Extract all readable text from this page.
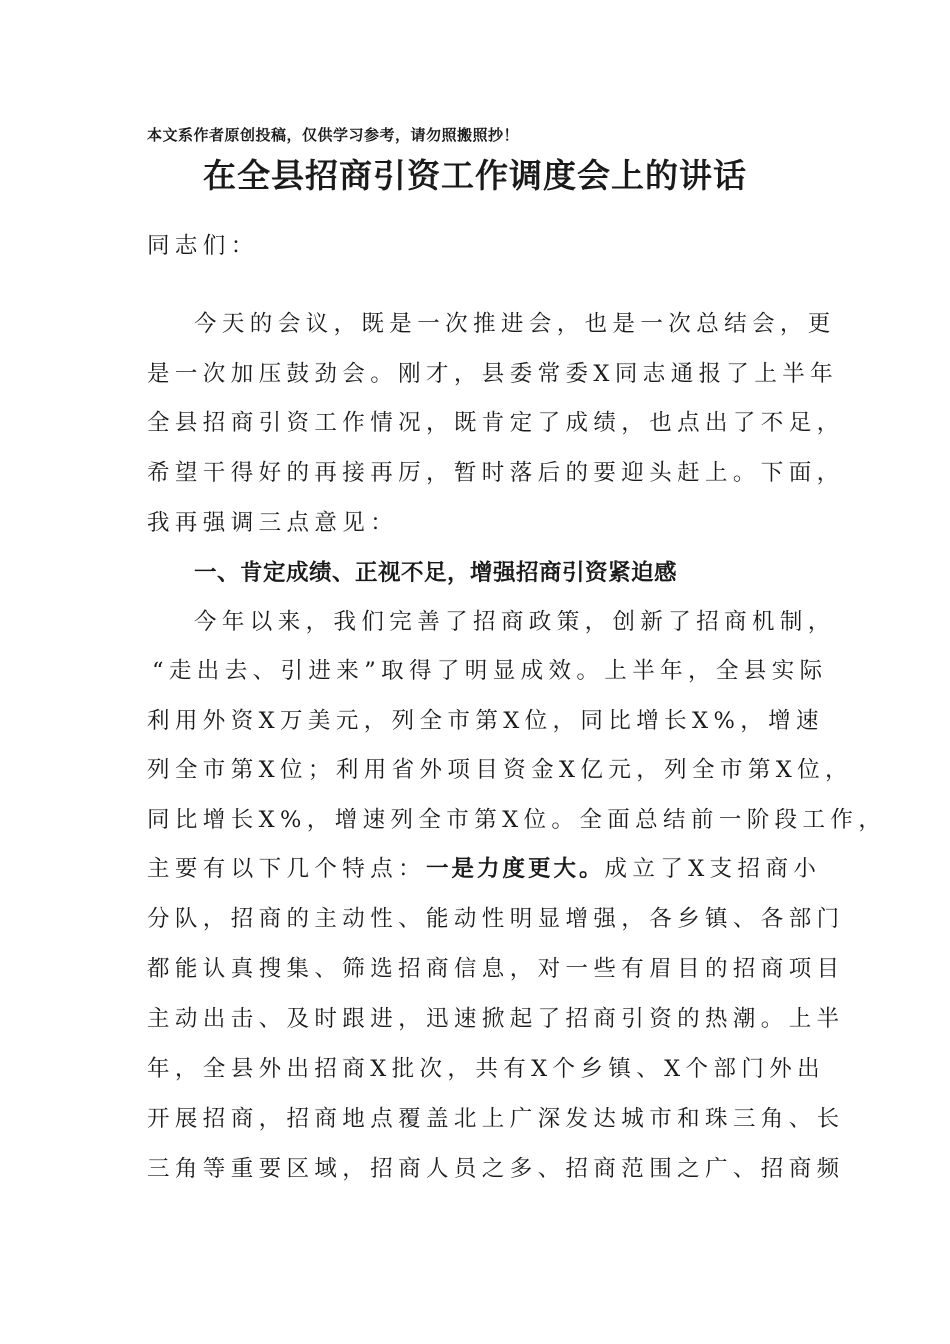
本文系作者原创投稿，仅供学习参考，请勿照搬照抄！
在全县招商引资工作调度会上的讲话
同志们：
今天的会议，既是一次推进会，也是一次总结会，更
是一次加压鼓劲会。刚才，县委常委X同志通报了上半年
全县招商引资工作情况，既肯定了成绩，也点出了不足，
希望干得好的再接再厉，暂时落后的要迎头赶上。下面，
我再强调三点意见：
一、肯定成绩、正视不足，增强招商引资紧迫感
今年以来，我们完善了招商政策，创新了招商机制，
“走出去、引进来”取得了明显成效。上半年，全县实际
利用外资X万美元，列全市第X位，同比增长X%，增速
列全市第X位；利用省外项目资金X亿元，列全市第X位，
同比增长X%，增速列全市第X位。全面总结前一阶段工作，
主要有以下几个特点：一是力度更大。成立了X支招商小
分队，招商的主动性、能动性明显增强，各乡镇、各部门
都能认真搜集、筛选招商信息，对一些有眉目的招商项目
主动出击、及时跟进，迅速掀起了招商引资的热潮。上半
年，全县外出招商X批次，共有X个乡镇、X个部门外出
开展招商，招商地点覆盖北上广深发达城市和珠三角、长
三角等重要区域，招商人员之多、招商范围之广、招商频
